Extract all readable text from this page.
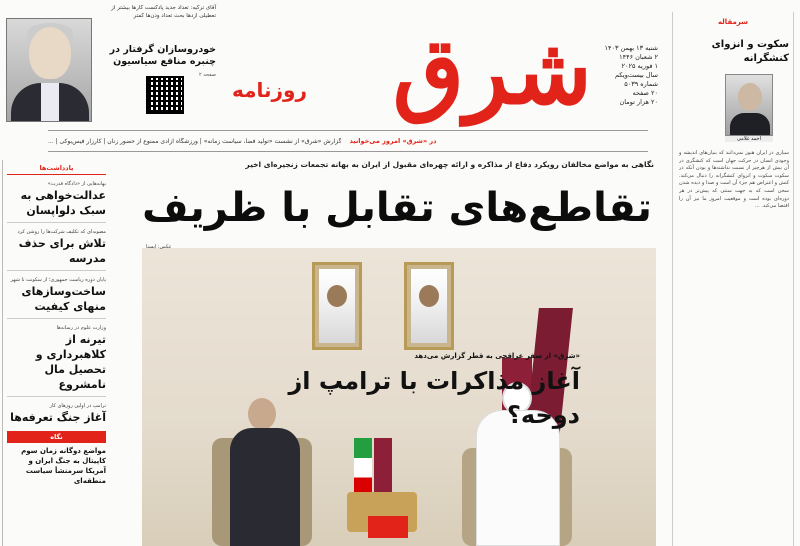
آقای ترکیه: تعداد جدید پادکست کارها بیشتر از تعطیلی ازدها بحث تعداد ودن‌ها کمتر
خودروسازان گرفتار در چنبره منافع سیاسیون
صفحه ۲ شرق
روزنامه
شنبه ۱۳ بهمن ۱۴۰۳
۲ شعبان ۱۴۴۶
۱ فوریه ۲۰۲۵
سال بیست‌و‌یکم
شماره ۵۰۳۹
۲۰ صفحه
۲۰ هزار تومان
در «شرق» امروز می‌خوانید
گزارش «شرق» از نشست «تولید فضا، سیاست زمانه» | ورزشگاه آزادی ممنوع از حضور زنان | کارزار فیس‌بوکی | ...
سرمقاله
سکوت و انزوای کنشگرانه
احمد غلامی
سیاری در ایران هنوز نمی‌دانند که بنیان‌های اندیشه و وجودی انسان در حرکت جهان است که کنشگری در آن بیش از هرچیز از نسبت نداشته‌ها و بودن آنکه در سکوت سکوت و انزوای کنشگرانه را دنبال می‌کند. کنش و اعتراض هم جزء آن است و صدا و دیده شدن سخن است که به جهت سنتی که پیش‌تر در هر دوره‌ای بوده است و موقعیت امروز ما نیز آن را اقتضا می‌کند. ...
یادداشت‌ها
بهانه‌هایی از «دادگاه قدرت»
عدالت‌خواهی به سبک دلواپسان
مصوبه‌ای که تکلیف شرکت‌ها را روشن کرد
تلاش برای حذف مدرسه
پایان دوره ریاست جمهوری؛ از سکونت تا شهر
ساخت‌وسازهای منهای کیفیت
وزارت علوم در رسانه‌ها
تیرنه از کلاهبرداری و تحصیل مال نامشروع
ترامپ در اولین روزهای کار
آغاز جنگ تعرفه‌ها
نگاه
مواضع دوگانه زمان سوم کاپیتال به جنگ ایران و آمریکا سرمنشأ سیاست منطقه‌ای
نگاهی به مواضع مخالفان رویکرد دفاع از مذاکره و ارائه چهره‌ای مقبول از ایران به بهانه تجمعات زنجیره‌ای اخیر
تقاطع‌های تقابل با ظریف
عکس: ایسنا
«شرق» از سفر عراقچی به قطر گزارش می‌دهد
آغاز مذاکرات با ترامپ از دوحه؟
